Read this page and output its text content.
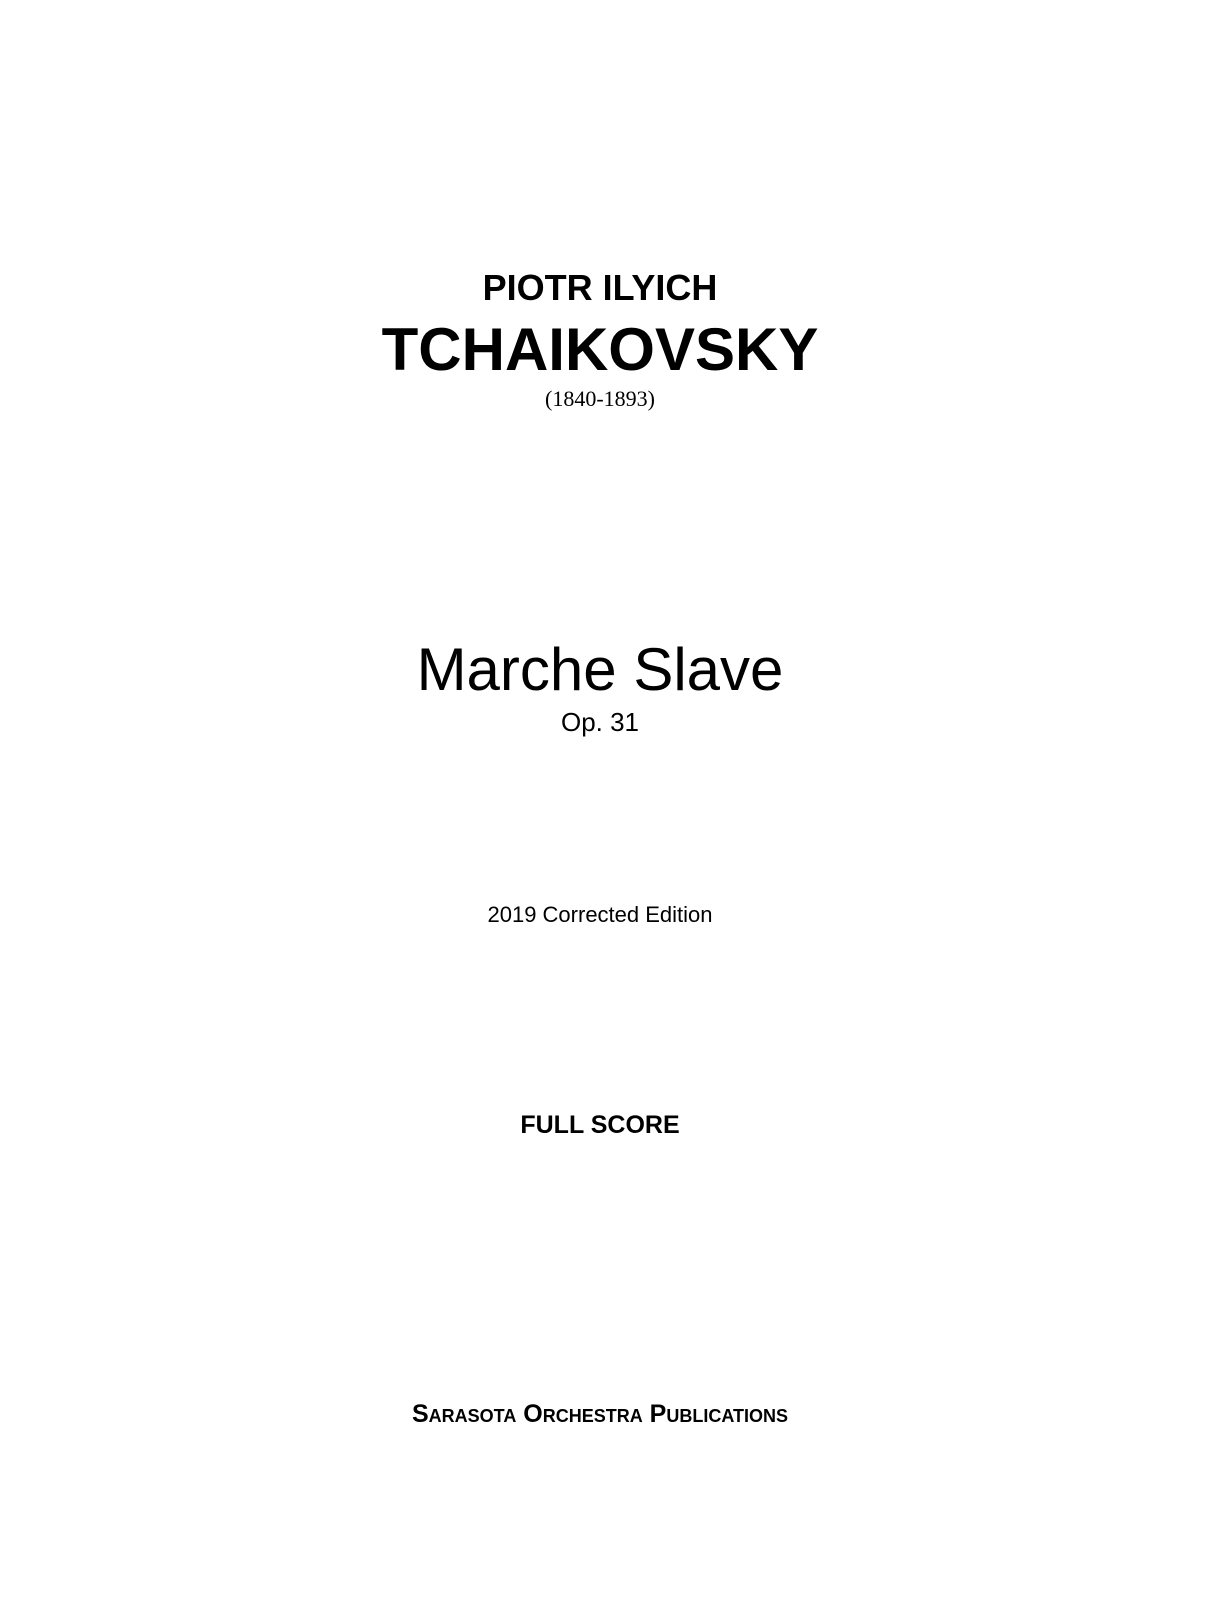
PIOTR ILYICH

TCHAIKOVSKY

(1840-1893)

Marche Slave

Op. 31

2019 Corrected Edition

FULL SCORE

Sarasota Orchestra Publications
